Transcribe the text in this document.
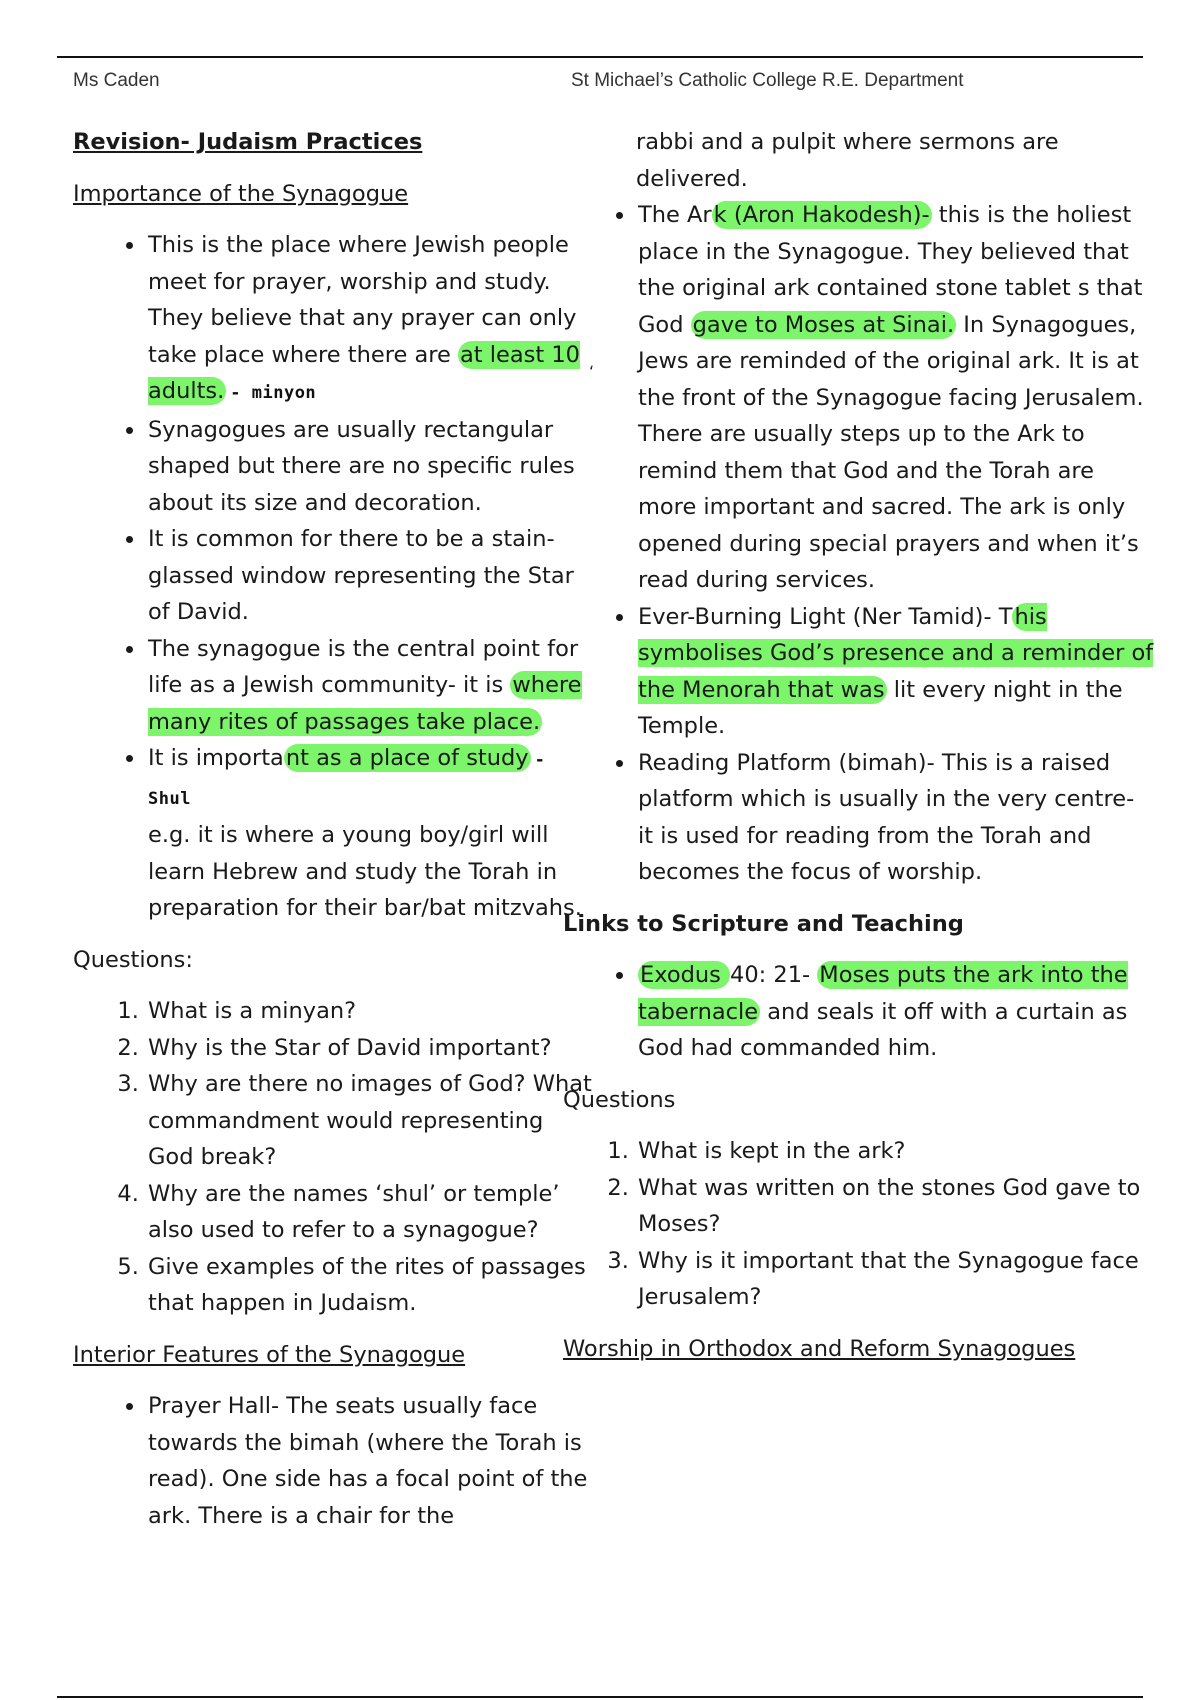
Ms Caden	St Michael’s Catholic College R.E. Department
Revision- Judaism Practices
Importance of the Synagogue
• This is the place where Jewish people meet for prayer, worship and study. They believe that any prayer can only take place where there are at least 10 adults. - minyon
• Synagogues are usually rectangular shaped but there are no specific rules about its size and decoration.
• It is common for there to be a stain-glassed window representing the Star of David.
• The synagogue is the central point for life as a Jewish community- it is where many rites of passages take place.
• It is important as a place of study - Shul
e.g. it is where a young boy/girl will learn Hebrew and study the Torah in preparation for their bar/bat mitzvahs.
Questions:
1. What is a minyan?
2. Why is the Star of David important?
3. Why are there no images of God? What commandment would representing God break?
4. Why are the names ‘shul’ or temple’ also used to refer to a synagogue?
5. Give examples of the rites of passages that happen in Judaism.
Interior Features of the Synagogue
• Prayer Hall- The seats usually face towards the bimah (where the Torah is read). One side has a focal point of the ark. There is a chair for the
‘
rabbi and a pulpit where sermons are delivered.
• The Ark (Aron Hakodesh)- this is the holiest place in the Synagogue. They believed that the original ark contained stone tablet s that God gave to Moses at Sinai. In Synagogues, Jews are reminded of the original ark. It is at the front of the Synagogue facing Jerusalem. There are usually steps up to the Ark to remind them that God and the Torah are more important and sacred. The ark is only opened during special prayers and when it’s read during services.
• Ever-Burning Light (Ner Tamid)- This symbolises God’s presence and a reminder of the Menorah that was lit every night in the Temple.
• Reading Platform (bimah)- This is a raised platform which is usually in the very centre- it is used for reading from the Torah and becomes the focus of worship.
Links to Scripture and Teaching
• Exodus 40: 21- Moses puts the ark into the tabernacle and seals it off with a curtain as God had commanded him.
Questions
1. What is kept in the ark?
2. What was written on the stones God gave to Moses?
3. Why is it important that the Synagogue face Jerusalem?
Worship in Orthodox and Reform Synagogues
